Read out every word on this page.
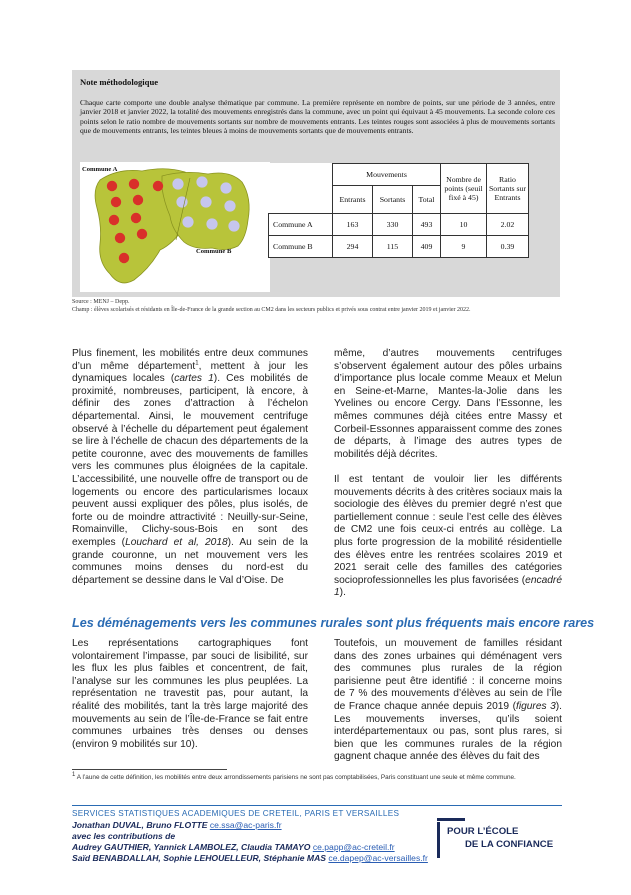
Note méthodologique
Chaque carte comporte une double analyse thématique par commune. La première représente en nombre de points, sur une période de 3 années, entre janvier 2018 et janvier 2022, la totalité des mouvements enregistrés dans la commune, avec un point qui équivaut à 45 mouvements. La seconde colore ces points selon le ratio nombre de mouvements sortants sur nombre de mouvements entrants. Les teintes rouges sont associées à plus de mouvements sortants que de mouvements entrants, les teintes bleues à moins de mouvements sortants que de mouvements entrants.
Commune A
Commune B
	Mouvements			Nombre de points (seuil fixé à 45)	Ratio Sortants sur Entrants
	Entrants	Sortants	Total		
Commune A	163	330	493	10	2.02
Commune B	294	115	409	9	0.39
Source : MENJ – Depp.
Champ : élèves scolarisés et résidants en Île-de-France de la grande section au CM2 dans les secteurs publics et privés sous contrat entre janvier 2019 et janvier 2022.

Plus finement, les mobilités entre deux communes d’un même département$^1$, mettent à jour les dynamiques locales (cartes 1). Ces mobilités de proximité, nombreuses, participent, là encore, à définir des zones d’attraction à l’échelon départemental. Ainsi, le mouvement centrifuge observé à l’échelle du département peut également se lire à l’échelle de chacun des départements de la petite couronne, avec des mouvements de familles vers les communes plus éloignées de la capitale. L’accessibilité, une nouvelle offre de transport ou de logements ou encore des particularismes locaux peuvent aussi expliquer des pôles, plus isolés, de forte ou de moindre attractivité : Neuilly-sur-Seine, Romainville, Clichy-sous-Bois en sont des exemples (Louchard et al, 2018). Au sein de la grande couronne, un net mouvement vers les communes moins denses du nord-est du département se dessine dans le Val d’Oise. De

même, d’autres mouvements centrifuges s’observent également autour des pôles urbains d’importance plus locale comme Meaux et Melun en Seine-et-Marne, Mantes-la-Jolie dans les Yvelines ou encore Cergy. Dans l’Essonne, les mêmes communes déjà citées entre Massy et Corbeil-Essonnes apparaissent comme des zones de départs, à l’image des autres types de mobilités déjà décrites.

Il est tentant de vouloir lier les différents mouvements décrits à des critères sociaux mais la sociologie des élèves du premier degré n’est que partiellement connue : seule l’est celle des élèves de CM2 une fois ceux-ci entrés au collège. La plus forte progression de la mobilité résidentielle des élèves entre les rentrées scolaires 2019 et 2021 serait celle des familles des catégories socioprofessionnelles les plus favorisées (encadré 1).

Les déménagements vers les communes rurales sont plus fréquents mais encore rares

Les représentations cartographiques font volontairement l’impasse, par souci de lisibilité, sur les flux les plus faibles et concentrent, de fait, l’analyse sur les communes les plus peuplées. La représentation ne travestit pas, pour autant, la réalité des mobilités, tant la très large majorité des mouvements au sein de l’Île-de-France se fait entre communes urbaines très denses ou denses (environ 9 mobilités sur 10).

Toutefois, un mouvement de familles résidant dans des zones urbaines qui déménagent vers des communes plus rurales de la région parisienne peut être identifié : il concerne moins de 7 % des mouvements d’élèves au sein de l’Île de France chaque année depuis 2019 (figures 3). Les mouvements inverses, qu’ils soient interdépartementaux ou pas, sont plus rares, si bien que les communes rurales de la région gagnent chaque année des élèves du fait des

1 A l’aune de cette définition, les mobilités entre deux arrondissements parisiens ne sont pas comptabilisées, Paris constituant une seule et même commune.
SERVICES STATISTIQUES ACADEMIQUES DE CRETEIL, PARIS ET VERSAILLES
Jonathan DUVAL, Bruno FLOTTE ce.ssa@ac-paris.fr
avec les contributions de
Audrey GAUTHIER, Yannick LAMBOLEZ, Claudia TAMAYO ce.papp@ac-creteil.fr
Saïd BENABDALLAH, Sophie LEHOUELLEUR, Stéphanie MAS ce.dapep@ac-versailles.fr
POUR L’ÉCOLE
DE LA CONFIANCE
